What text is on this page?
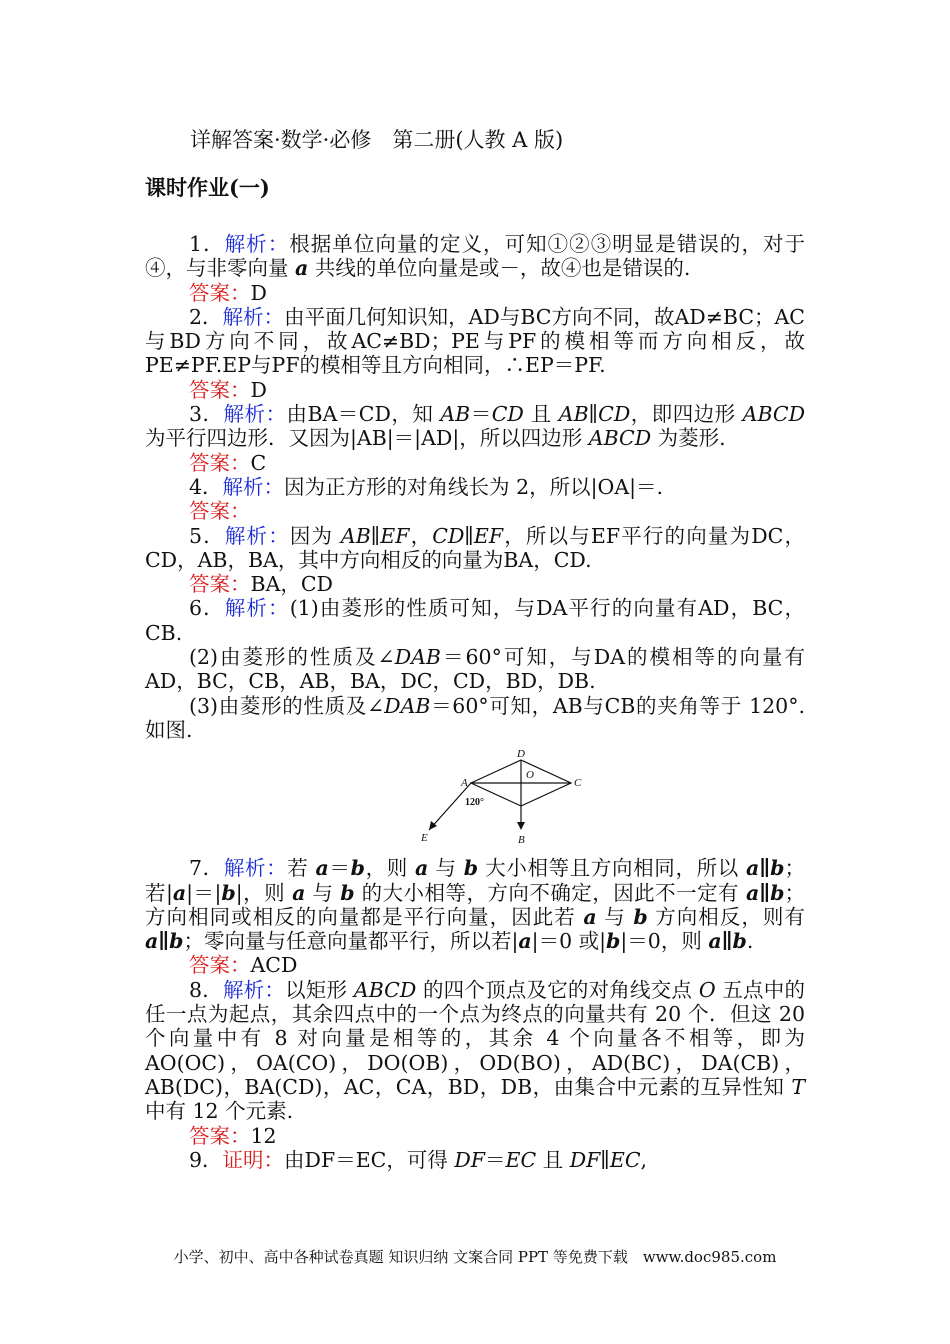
详解答案·数学·必修　第二册(人教 A 版)
课时作业(一)

1．解析：根据单位向量的定义，可知①②③明显是错误的，对于④，与非零向量 a 共线的单位向量是或－，故④也是错误的.

答案：D

2．解析：由平面几何知识知，AD与BC方向不同，故AD≠BC；AC与BD方向不同，故AC≠BD；PE与PF的模相等而方向相反，故PE≠PF.EP与PF的模相等且方向相同，∴EP＝PF.

答案：D

3．解析：由BA＝CD，知 AB＝CD 且 AB∥CD，即四边形 ABCD 为平行四边形．又因为|AB|＝|AD|，所以四边形 ABCD 为菱形.

答案：C

4．解析：因为正方形的对角线长为 2，所以|OA|＝.

答案：

5．解析：因为 AB∥EF，CD∥EF，所以与EF平行的向量为DC，CD，AB，BA，其中方向相反的向量为BA，CD.

答案：BA，CD

6．解析：(1)由菱形的性质可知，与DA平行的向量有AD，BC，CB.

(2)由菱形的性质及∠DAB＝60°可知，与DA的模相等的向量有AD，BC，CB，AB，BA，DC，CD，BD，DB.

(3)由菱形的性质及∠DAB＝60°可知，AB与CB的夹角等于 120°. 如图.

D
O
A	C
B
E
120°

7．解析：若 a＝b，则 a 与 b 大小相等且方向相同，所以 a∥b；若|a|＝|b|，则 a 与 b 的大小相等，方向不确定，因此不一定有 a∥b；方向相同或相反的向量都是平行向量，因此若 a 与 b 方向相反，则有 a∥b；零向量与任意向量都平行，所以若|a|＝0 或|b|＝0，则 a∥b.

答案：ACD

8．解析：以矩形 ABCD 的四个顶点及它的对角线交点 O 五点中的任一点为起点，其余四点中的一个点为终点的向量共有 20 个．但这 20 个向量中有 8 对向量是相等的，其余 4 个向量各不相等，即为AO(OC)，OA(CO)，DO(OB)，OD(BO)，AD(BC)，DA(CB)，AB(DC)，BA(CD)，AC，CA，BD，DB，由集合中元素的互异性知 T 中有 12 个元素.

答案：12

9．证明：由DF＝EC，可得 DF＝EC 且 DF∥EC,

小学、初中、高中各种试卷真题 知识归纳 文案合同 PPT 等免费下载　www.doc985.com
